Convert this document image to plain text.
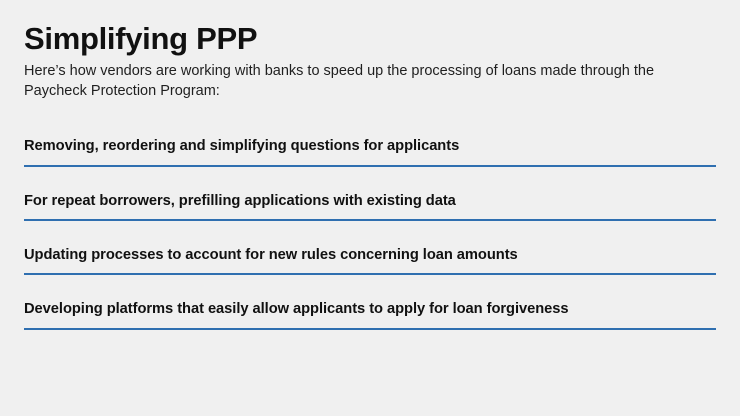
Simplifying PPP

Here’s how vendors are working with banks to speed up the processing of loans made through the Paycheck Protection Program:

Removing, reordering and simplifying questions for applicants
For repeat borrowers, prefilling applications with existing data
Updating processes to account for new rules concerning loan amounts
Developing platforms that easily allow applicants to apply for loan forgiveness
